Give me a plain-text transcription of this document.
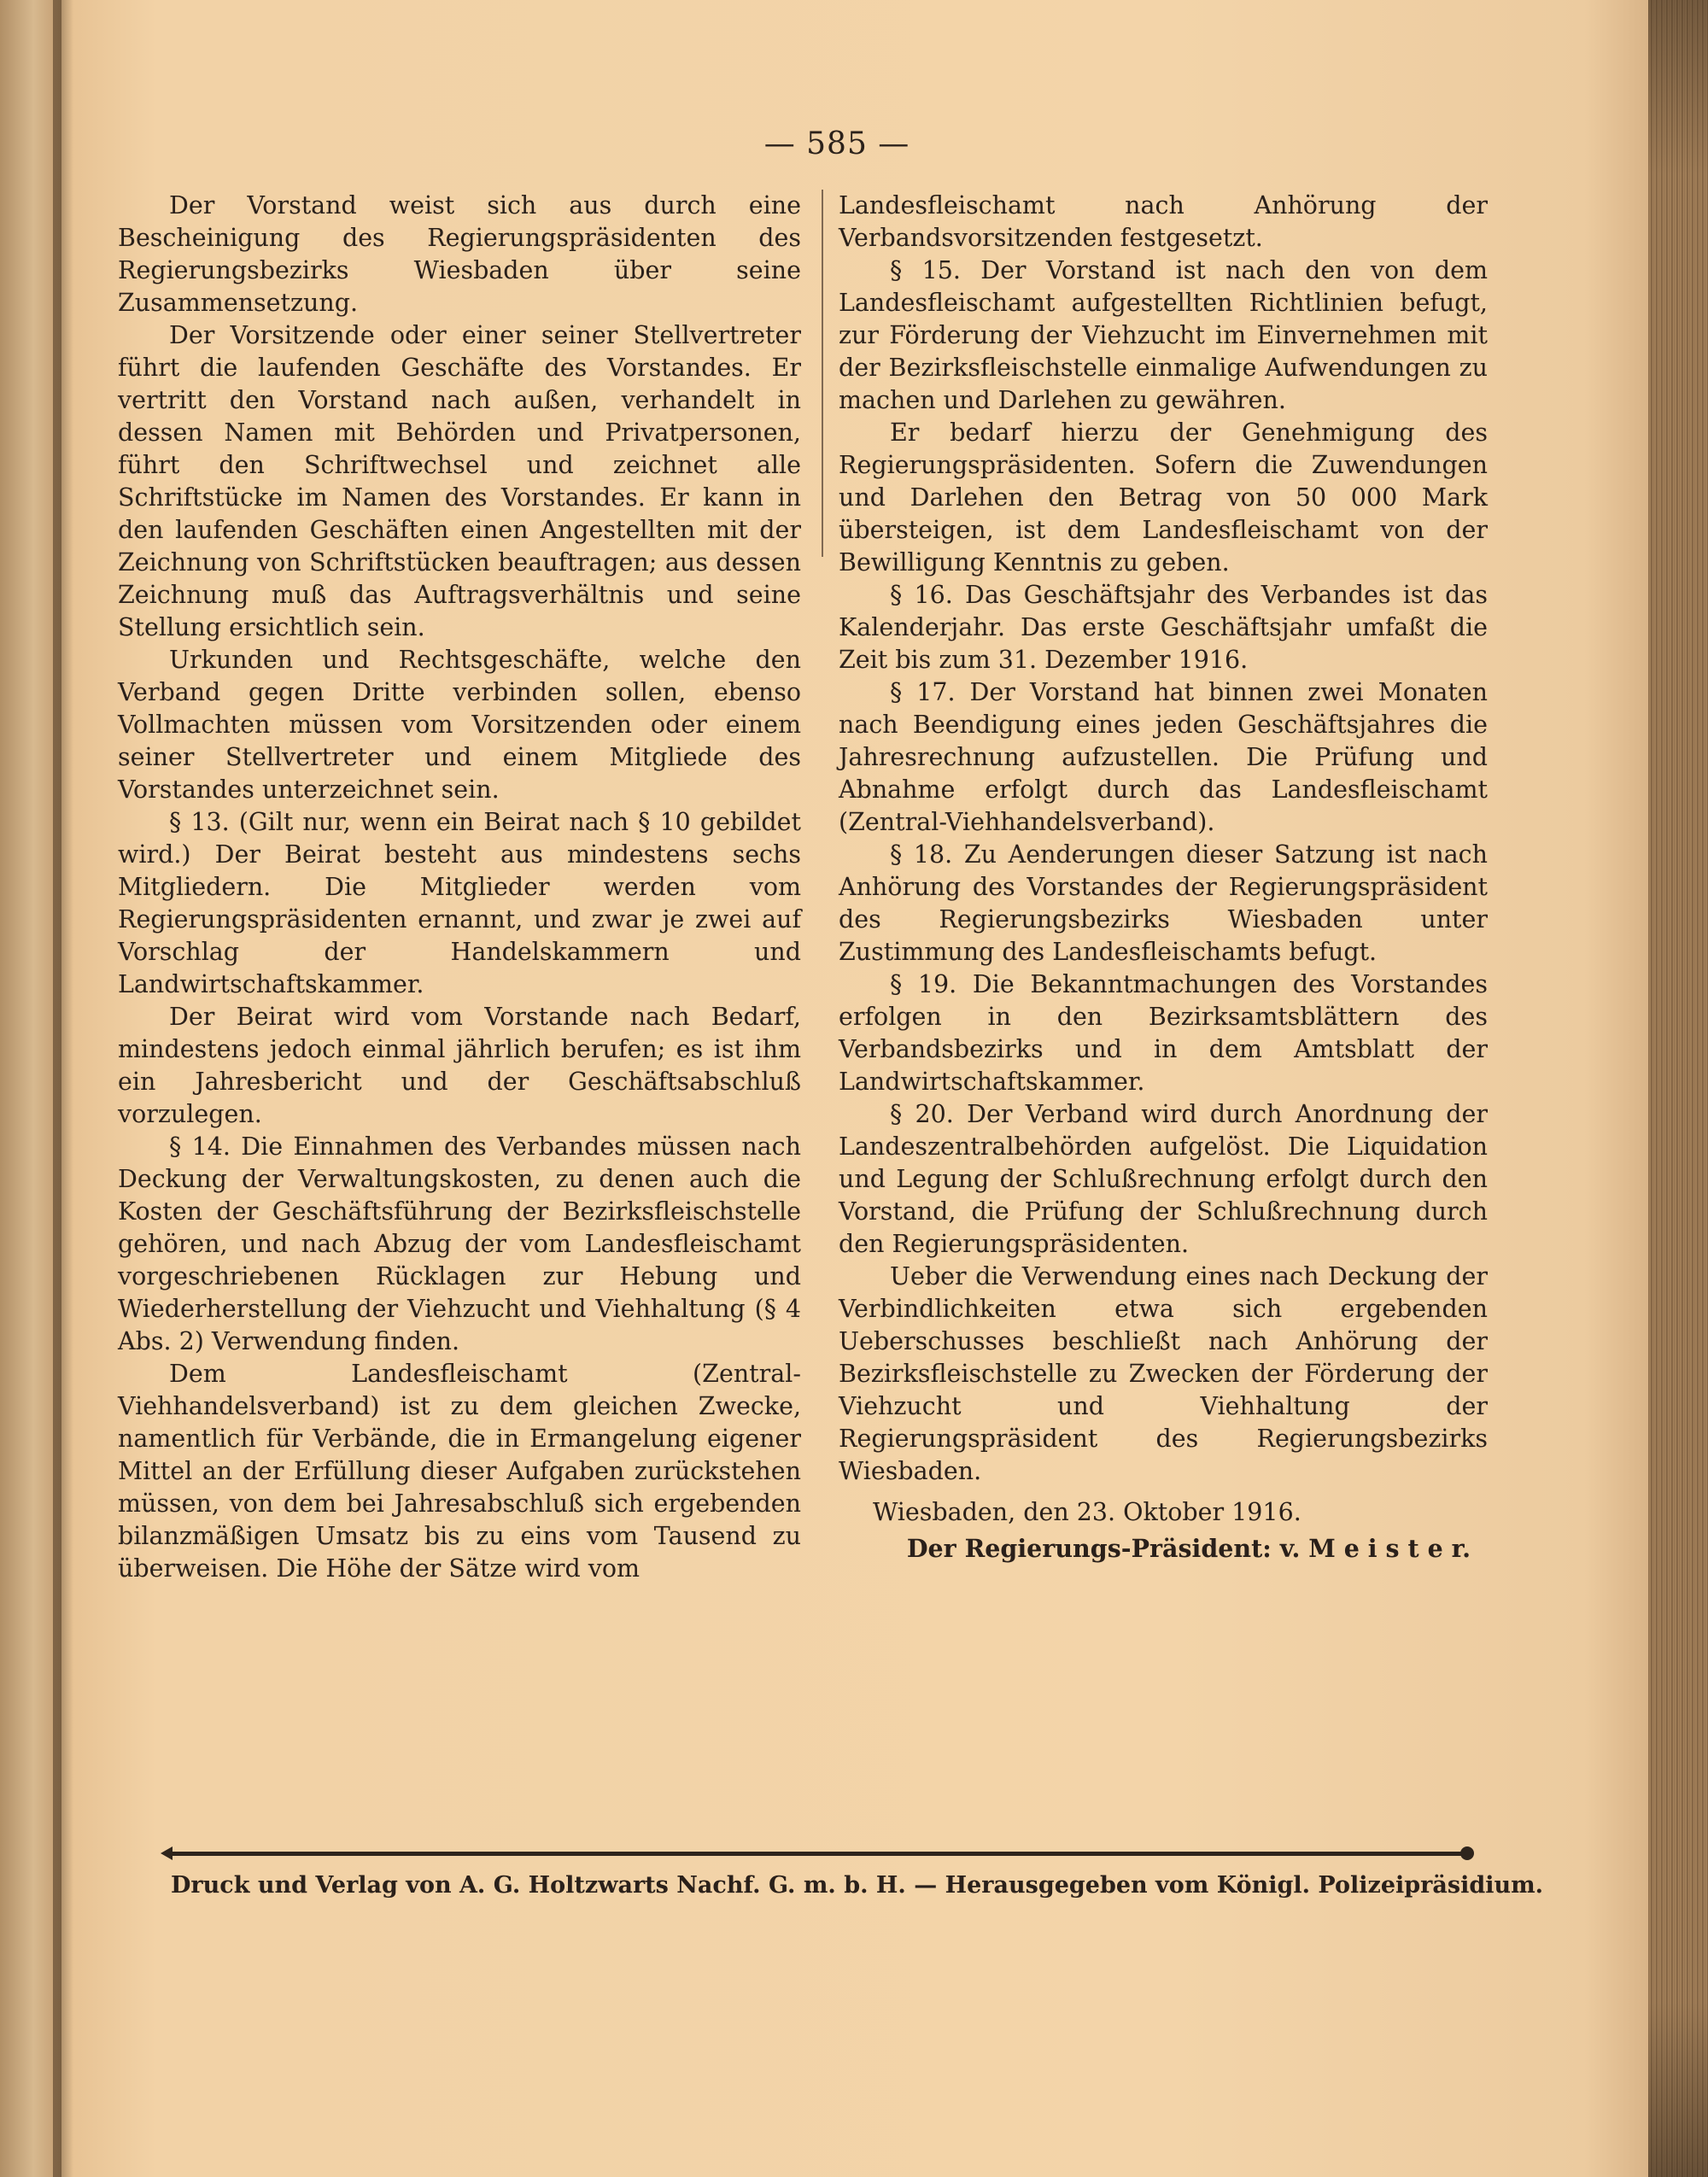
— 585 —

Der Vorstand weist sich aus durch eine Bescheinigung des Regierungspräsidenten des Regierungsbezirks Wiesbaden über seine Zusammensetzung.

Der Vorsitzende oder einer seiner Stellvertreter führt die laufenden Geschäfte des Vorstandes. Er vertritt den Vorstand nach außen, verhandelt in dessen Namen mit Behörden und Privatpersonen, führt den Schriftwechsel und zeichnet alle Schriftstücke im Namen des Vorstandes. Er kann in den laufenden Geschäften einen Angestellten mit der Zeichnung von Schriftstücken beauftragen; aus dessen Zeichnung muß das Auftragsverhältnis und seine Stellung ersichtlich sein.

Urkunden und Rechtsgeschäfte, welche den Verband gegen Dritte verbinden sollen, ebenso Vollmachten müssen vom Vorsitzenden oder einem seiner Stellvertreter und einem Mitgliede des Vorstandes unterzeichnet sein.

§ 13. (Gilt nur, wenn ein Beirat nach § 10 gebildet wird.) Der Beirat besteht aus mindestens sechs Mitgliedern. Die Mitglieder werden vom Regierungspräsidenten ernannt, und zwar je zwei auf Vorschlag der Handelskammern und Landwirtschaftskammer.

Der Beirat wird vom Vorstande nach Bedarf, mindestens jedoch einmal jährlich berufen; es ist ihm ein Jahresbericht und der Geschäftsabschluß vorzulegen.

§ 14. Die Einnahmen des Verbandes müssen nach Deckung der Verwaltungskosten, zu denen auch die Kosten der Geschäftsführung der Bezirksfleischstelle gehören, und nach Abzug der vom Landesfleischamt vorgeschriebenen Rücklagen zur Hebung und Wiederherstellung der Viehzucht und Viehhaltung (§ 4 Abs. 2) Verwendung finden.

Dem Landesfleischamt (Zentral-Viehhandelsverband) ist zu dem gleichen Zwecke, namentlich für Verbände, die in Ermangelung eigener Mittel an der Erfüllung dieser Aufgaben zurückstehen müssen, von dem bei Jahresabschluß sich ergebenden bilanzmäßigen Umsatz bis zu eins vom Tausend zu überweisen. Die Höhe der Sätze wird vom

Landesfleischamt nach Anhörung der Verbandsvorsitzenden festgesetzt.

§ 15. Der Vorstand ist nach den von dem Landesfleischamt aufgestellten Richtlinien befugt, zur Förderung der Viehzucht im Einvernehmen mit der Bezirksfleischstelle einmalige Aufwendungen zu machen und Darlehen zu gewähren.

Er bedarf hierzu der Genehmigung des Regierungspräsidenten. Sofern die Zuwendungen und Darlehen den Betrag von 50 000 Mark übersteigen, ist dem Landesfleischamt von der Bewilligung Kenntnis zu geben.

§ 16. Das Geschäftsjahr des Verbandes ist das Kalenderjahr. Das erste Geschäftsjahr umfaßt die Zeit bis zum 31. Dezember 1916.

§ 17. Der Vorstand hat binnen zwei Monaten nach Beendigung eines jeden Geschäftsjahres die Jahresrechnung aufzustellen. Die Prüfung und Abnahme erfolgt durch das Landesfleischamt (Zentral-Viehhandelsverband).

§ 18. Zu Aenderungen dieser Satzung ist nach Anhörung des Vorstandes der Regierungspräsident des Regierungsbezirks Wiesbaden unter Zustimmung des Landesfleischamts befugt.

§ 19. Die Bekanntmachungen des Vorstandes erfolgen in den Bezirksamtsblättern des Verbandsbezirks und in dem Amtsblatt der Landwirtschaftskammer.

§ 20. Der Verband wird durch Anordnung der Landeszentralbehörden aufgelöst. Die Liquidation und Legung der Schlußrechnung erfolgt durch den Vorstand, die Prüfung der Schlußrechnung durch den Regierungspräsidenten.

Ueber die Verwendung eines nach Deckung der Verbindlichkeiten etwa sich ergebenden Ueberschusses beschließt nach Anhörung der Bezirksfleischstelle zu Zwecken der Förderung der Viehzucht und Viehhaltung der Regierungspräsident des Regierungsbezirks Wiesbaden.

Wiesbaden, den 23. Oktober 1916.

Der Regierungs-Präsident: v. M e i s t e r.

Druck und Verlag von A. G. Holtzwarts Nachf. G. m. b. H. — Herausgegeben vom Königl. Polizeipräsidium.
